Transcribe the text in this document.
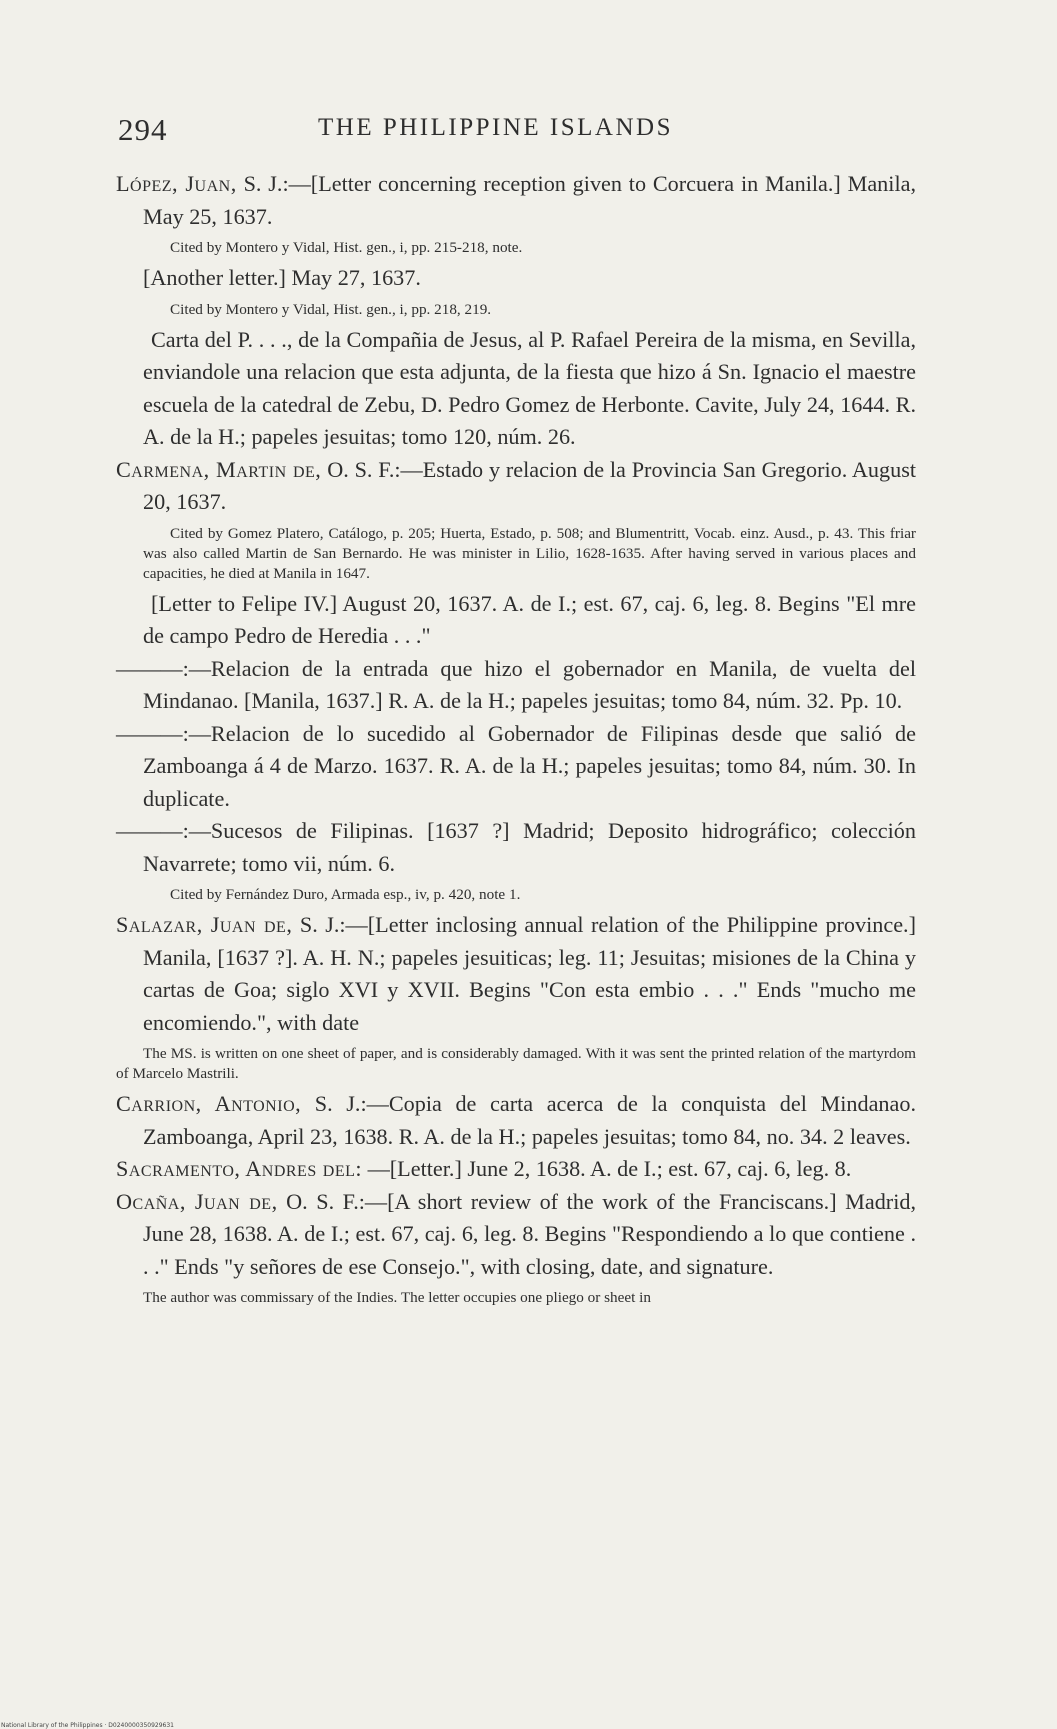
294	THE PHILIPPINE ISLANDS
López, Juan, S. J.:—[Letter concerning reception given to Corcuera in Manila.] Manila, May 25, 1637.
Cited by Montero y Vidal, Hist. gen., i, pp. 215-218, note.
[Another letter.] May 27, 1637.
Cited by Montero y Vidal, Hist. gen., i, pp. 218, 219.
Carta del P. . . ., de la Compañia de Jesus, al P. Rafael Pereira de la misma, en Sevilla, enviandole una relacion que esta adjunta, de la fiesta que hizo á Sn. Ignacio el maestre escuela de la catedral de Zebu, D. Pedro Gomez de Herbonte. Cavite, July 24, 1644. R. A. de la H.; papeles jesuitas; tomo 120, núm. 26.
Carmena, Martin de, O. S. F.:—Estado y relacion de la Provincia San Gregorio. August 20, 1637.
Cited by Gomez Platero, Catálogo, p. 205; Huerta, Estado, p. 508; and Blumentritt, Vocab. einz. Ausd., p. 43. This friar was also called Martin de San Bernardo. He was minister in Lilio, 1628-1635. After having served in various places and capacities, he died at Manila in 1647.
[Letter to Felipe IV.] August 20, 1637. A. de I.; est. 67, caj. 6, leg. 8. Begins "El mre de campo Pedro de Heredia . . ."
———:—Relacion de la entrada que hizo el gobernador en Manila, de vuelta del Mindanao. [Manila, 1637.] R. A. de la H.; papeles jesuitas; tomo 84, núm. 32. Pp. 10.
———:—Relacion de lo sucedido al Gobernador de Filipinas desde que salió de Zamboanga á 4 de Marzo. 1637. R. A. de la H.; papeles jesuitas; tomo 84, núm. 30. In duplicate.
———:—Sucesos de Filipinas. [1637 ?] Madrid; Deposito hidrográfico; colección Navarrete; tomo vii, núm. 6.
Cited by Fernández Duro, Armada esp., iv, p. 420, note 1.
Salazar, Juan de, S. J.:—[Letter inclosing annual relation of the Philippine province.] Manila, [1637 ?]. A. H. N.; papeles jesuiticas; leg. 11; Jesuitas; misiones de la China y cartas de Goa; siglo XVI y XVII. Begins "Con esta embio . . ." Ends "mucho me encomiendo.", with date
The MS. is written on one sheet of paper, and is considerably damaged. With it was sent the printed relation of the martyrdom of Marcelo Mastrili.
Carrion, Antonio, S. J.:—Copia de carta acerca de la conquista del Mindanao. Zamboanga, April 23, 1638. R. A. de la H.; papeles jesuitas; tomo 84, no. 34. 2 leaves.
Sacramento, Andres del: —[Letter.] June 2, 1638. A. de I.; est. 67, caj. 6, leg. 8.
Ocaña, Juan de, O. S. F.:—[A short review of the work of the Franciscans.] Madrid, June 28, 1638. A. de I.; est. 67, caj. 6, leg. 8. Begins "Respondiendo a lo que contiene . . ." Ends "y señores de ese Consejo.", with closing, date, and signature.
The author was commissary of the Indies. The letter occupies one pliego or sheet in
National Library of the Philippines · D0240000350929631
